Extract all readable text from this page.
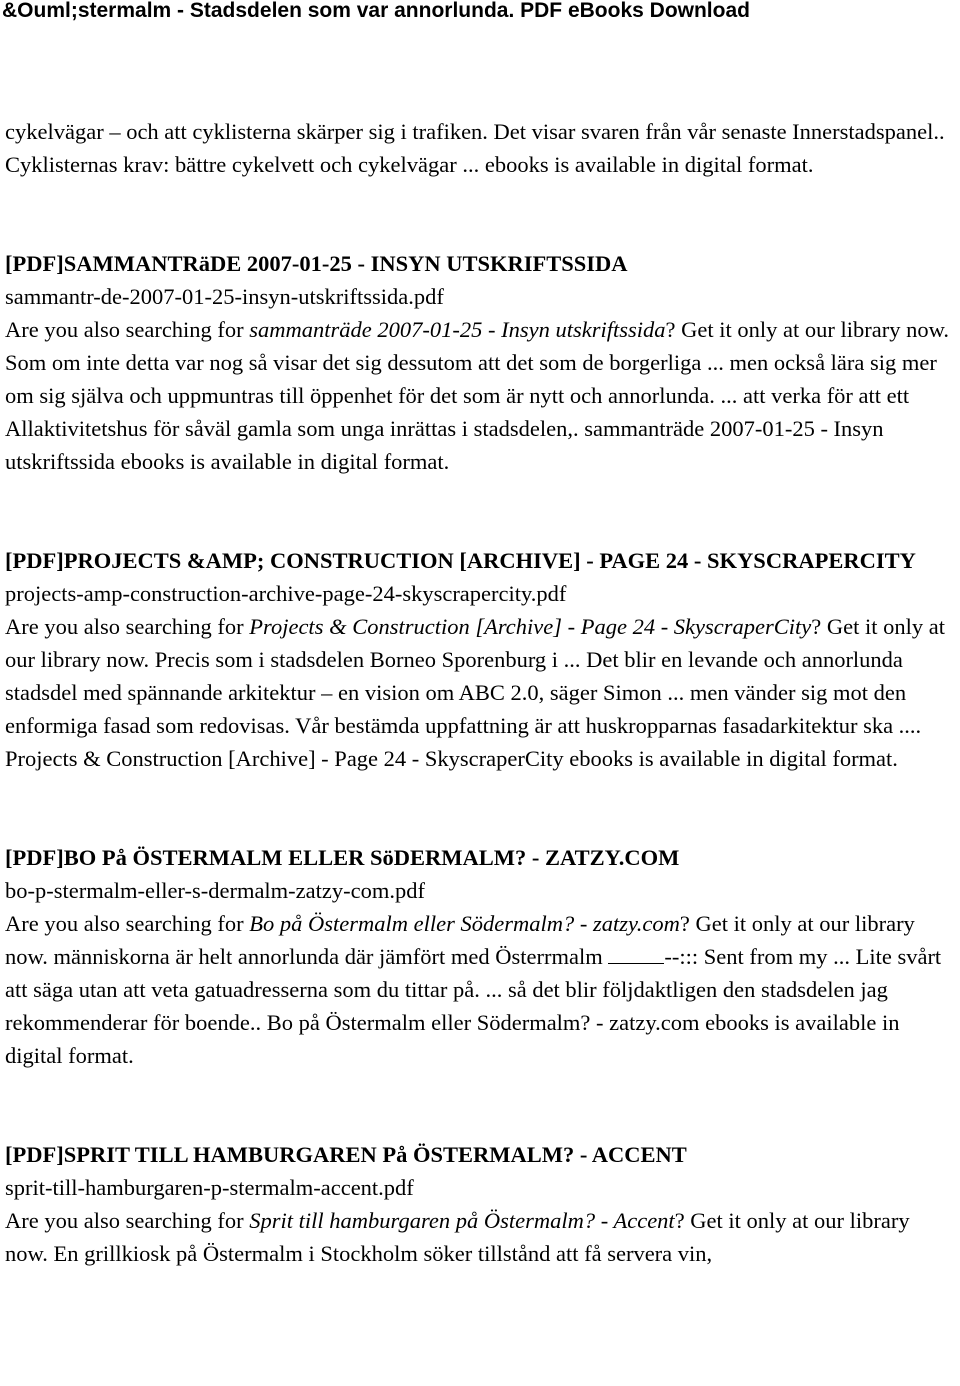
&Ouml;stermalm - Stadsdelen som var annorlunda. PDF eBooks Download

cykelvägar – och att cyklisterna skärper sig i trafiken. Det visar svaren från vår senaste Innerstadspanel.. Cyklisternas krav: bättre cykelvett och cykelvägar ... ebooks is available in digital format.

[PDF]SAMMANTRäDE 2007-01-25 - INSYN UTSKRIFTSSIDA

sammantr-de-2007-01-25-insyn-utskriftssida.pdf

Are you also searching for sammanträde 2007-01-25 - Insyn utskriftssida? Get it only at our library now. Som om inte detta var nog så visar det sig dessutom att det som de borgerliga ... men också lära sig mer om sig själva och uppmuntras till öppenhet för det som är nytt och annorlunda. ... att verka för att ett Allaktivitetshus för såväl gamla som unga inrättas i stadsdelen,. sammanträde 2007-01-25 - Insyn utskriftssida ebooks is available in digital format.

[PDF]PROJECTS &AMP; CONSTRUCTION [ARCHIVE] - PAGE 24 - SKYSCRAPERCITY

projects-amp-construction-archive-page-24-skyscrapercity.pdf

Are you also searching for Projects & Construction [Archive] - Page 24 - SkyscraperCity? Get it only at our library now. Precis som i stadsdelen Borneo Sporenburg i ... Det blir en levande och annorlunda stadsdel med spännande arkitektur – en vision om ABC 2.0, säger Simon ... men vänder sig mot den enformiga fasad som redovisas. Vår bestämda uppfattning är att huskropparnas fasadarkitektur ska .... Projects & Construction [Archive] - Page 24 - SkyscraperCity ebooks is available in digital format.

[PDF]BO På ÖSTERMALM ELLER SöDERMALM? - ZATZY.COM

bo-p-stermalm-eller-s-dermalm-zatzy-com.pdf

Are you also searching for Bo på Östermalm eller Södermalm? - zatzy.com? Get it only at our library now. människorna är helt annorlunda där jämfört med Österrmalm --::: Sent from my ... Lite svårt att säga utan att veta gatuadresserna som du tittar på. ... så det blir följdaktligen den stadsdelen jag rekommenderar för boende.. Bo på Östermalm eller Södermalm? - zatzy.com ebooks is available in digital format.

[PDF]SPRIT TILL HAMBURGAREN På ÖSTERMALM? - ACCENT

sprit-till-hamburgaren-p-stermalm-accent.pdf

Are you also searching for Sprit till hamburgaren på Östermalm? - Accent? Get it only at our library now. En grillkiosk på Östermalm i Stockholm söker tillstånd att få servera vin,
